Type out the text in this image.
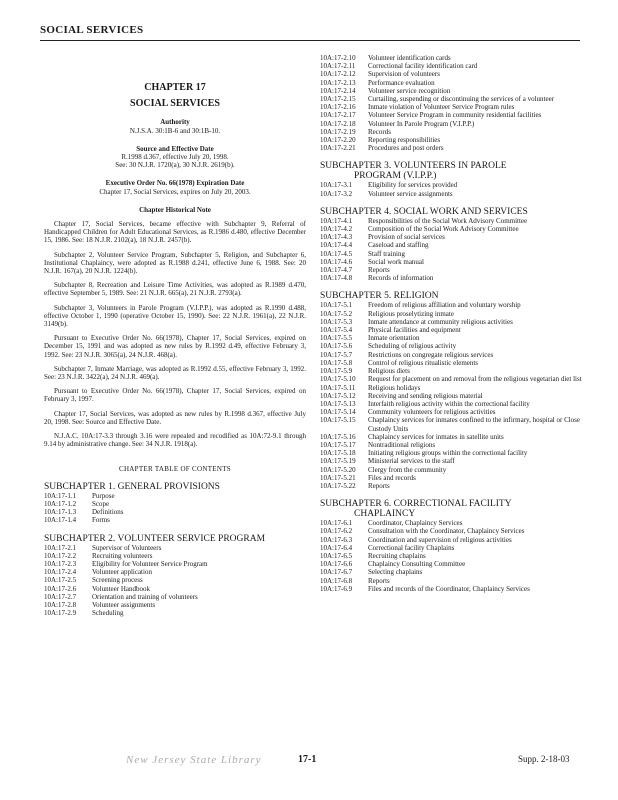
SOCIAL SERVICES
CHAPTER 17
SOCIAL SERVICES
Authority
N.J.S.A. 30:1B-6 and 30:1B-10.
Source and Effective Date
R.1998 d.367, effective July 20, 1998.
See: 30 N.J.R. 1720(a), 30 N.J.R. 2619(b).
Executive Order No. 66(1978) Expiration Date
Chapter 17, Social Services, expires on July 20, 2003.
Chapter Historical Note
Chapter 17, Social Services, became effective with Subchapter 9, Referral of Handicapped Children for Adult Educational Services, as R.1986 d.480, effective December 15, 1986. See: 18 N.J.R. 2102(a), 18 N.J.R. 2457(b).
Subchapter 2, Volunteer Service Program, Subchapter 5, Religion, and Subchapter 6, Institutional Chaplaincy, were adopted as R.1988 d.241, effective June 6, 1988. See: 20 N.J.R. 167(a), 20 N.J.R. 1224(b).
Subchapter 8, Recreation and Leisure Time Activities, was adopted as R.1989 d.470, effective September 5, 1989. See: 21 N.J.R. 665(a), 21 N.J.R. 2793(a).
Subchapter 3, Volunteers in Parole Program (V.I.P.P.), was adopted as R.1990 d.488, effective October 1, 1990 (operative October 15, 1990). See: 22 N.J.R. 1961(a), 22 N.J.R. 3149(b).
Pursuant to Executive Order No. 66(1978), Chapter 17, Social Services, expired on December 15, 1991 and was adopted as new rules by R.1992 d.49, effective February 3, 1992. See: 23 N.J.R. 3065(a), 24 N.J.R. 468(a).
Subchapter 7, Inmate Marriage, was adopted as R.1992 d.55, effective February 3, 1992. See: 23 N.J.R. 3422(a), 24 N.J.R. 469(a).
Pursuant to Executive Order No. 66(1978), Chapter 17, Social Services, expired on February 3, 1997.
Chapter 17, Social Services, was adopted as new rules by R.1998 d.367, effective July 20, 1998. See: Source and Effective Date.
N.J.A.C. 10A:17-3.3 through 3.16 were repealed and recodified as 10A:72-9.1 through 9.14 by administrative change. See: 34 N.J.R. 1918(a).
CHAPTER TABLE OF CONTENTS
SUBCHAPTER 1. GENERAL PROVISIONS
10A:17-1.1	Purpose
10A:17-1.2	Scope
10A:17-1.3	Definitions
10A:17-1.4	Forms
SUBCHAPTER 2. VOLUNTEER SERVICE PROGRAM
10A:17-2.1	Supervisor of Volunteers
10A:17-2.2	Recruiting volunteers
10A:17-2.3	Eligibility for Volunteer Service Program
10A:17-2.4	Volunteer application
10A:17-2.5	Screening process
10A:17-2.6	Volunteer Handbook
10A:17-2.7	Orientation and training of volunteers
10A:17-2.8	Volunteer assignments
10A:17-2.9	Scheduling
10A:17-2.10	Volunteer identification cards
10A:17-2.11	Correctional facility identification card
10A:17-2.12	Supervision of volunteers
10A:17-2.13	Performance evaluation
10A:17-2.14	Volunteer service recognition
10A:17-2.15	Curtailing, suspending or discontinuing the services of a volunteer
10A:17-2.16	Inmate violation of Volunteer Service Program rules
10A:17-2.17	Volunteer Service Program in community residential facilities
10A:17-2.18	Volunteer In Parole Program (V.I.P.P.)
10A:17-2.19	Records
10A:17-2.20	Reporting responsibilities
10A:17-2.21	Procedures and post orders
SUBCHAPTER 3. VOLUNTEERS IN PAROLE
PROGRAM (V.I.P.P.)
10A:17-3.1	Eligibility for services provided
10A:17-3.2	Volunteer service assignments
SUBCHAPTER 4. SOCIAL WORK AND SERVICES
10A:17-4.1	Responsibilities of the Social Work Advisory Committee
10A:17-4.2	Composition of the Social Work Advisory Committee
10A:17-4.3	Provision of social services
10A:17-4.4	Caseload and staffing
10A:17-4.5	Staff training
10A:17-4.6	Social work manual
10A:17-4.7	Reports
10A:17-4.8	Records of information
SUBCHAPTER 5. RELIGION
10A:17-5.1	Freedom of religious affiliation and voluntary worship
10A:17-5.2	Religious proselytizing inmate
10A:17-5.3	Inmate attendance at community religious activities
10A:17-5.4	Physical facilities and equipment
10A:17-5.5	Inmate orientation
10A:17-5.6	Scheduling of religious activity
10A:17-5.7	Restrictions on congregate religious services
10A:17-5.8	Control of religious ritualistic elements
10A:17-5.9	Religious diets
10A:17-5.10	Request for placement on and removal from the religious vegetarian diet list
10A:17-5.11	Religious holidays
10A:17-5.12	Receiving and sending religious material
10A:17-5.13	Interfaith religious activity within the correctional facility
10A:17-5.14	Community volunteers for religious activities
10A:17-5.15	Chaplaincy services for inmates confined to the infirmary, hospital or Close Custody Units
10A:17-5.16	Chaplaincy services for inmates in satellite units
10A:17-5.17	Nontraditional religions
10A:17-5.18	Initiating religious groups within the correctional facility
10A:17-5.19	Ministerial services to the staff
10A:17-5.20	Clergy from the community
10A:17-5.21	Files and records
10A:17-5.22	Reports
SUBCHAPTER 6. CORRECTIONAL FACILITY
CHAPLAINCY
10A:17-6.1	Coordinator, Chaplaincy Services
10A:17-6.2	Consultation with the Coordinator, Chaplaincy Services
10A:17-6.3	Coordination and supervision of religious activities
10A:17-6.4	Correctional facility Chaplains
10A:17-6.5	Recruiting chaplains
10A:17-6.6	Chaplaincy Consulting Committee
10A:17-6.7	Selecting chaplains
10A:17-6.8	Reports
10A:17-6.9	Files and records of the Coordinator, Chaplaincy Services
New Jersey State Library	17-1	Supp. 2-18-03
